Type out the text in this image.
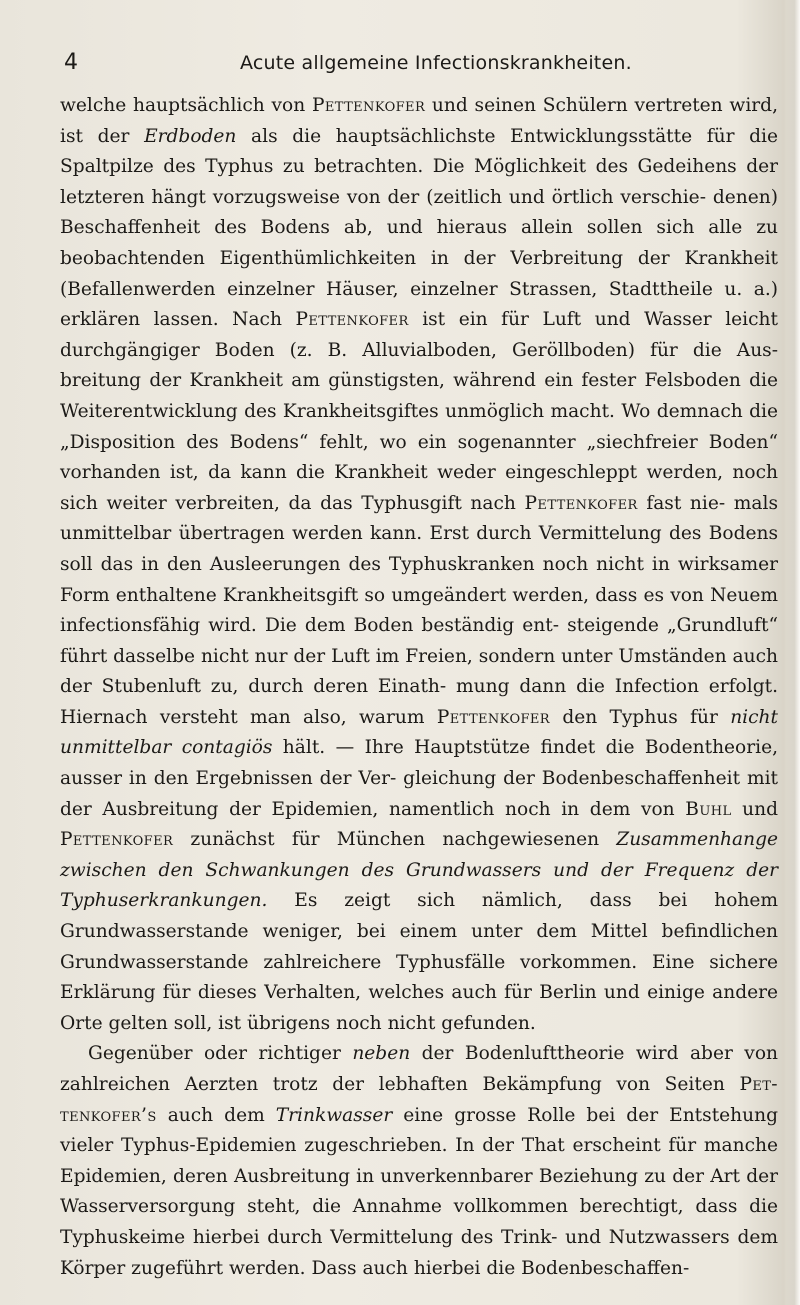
4	Acute allgemeine Infectionskrankheiten.

welche hauptsächlich von Pettenkofer und seinen Schülern vertreten wird, ist der Erdboden als die hauptsächlichste Entwicklungsstätte für die Spaltpilze des Typhus zu betrachten. Die Möglichkeit des Gedeihens der letzteren hängt vorzugsweise von der (zeitlich und örtlich verschie- denen) Beschaffenheit des Bodens ab, und hieraus allein sollen sich alle zu beobachtenden Eigenthümlichkeiten in der Verbreitung der Krankheit (Befallenwerden einzelner Häuser, einzelner Strassen, Stadttheile u. a.) erklären lassen. Nach Pettenkofer ist ein für Luft und Wasser leicht durchgängiger Boden (z. B. Alluvialboden, Geröllboden) für die Aus- breitung der Krankheit am günstigsten, während ein fester Felsboden die Weiterentwicklung des Krankheitsgiftes unmöglich macht. Wo demnach die „Disposition des Bodens“ fehlt, wo ein sogenannter „siechfreier Boden“ vorhanden ist, da kann die Krankheit weder eingeschleppt werden, noch sich weiter verbreiten, da das Typhusgift nach Pettenkofer fast nie- mals unmittelbar übertragen werden kann. Erst durch Vermittelung des Bodens soll das in den Ausleerungen des Typhuskranken noch nicht in wirksamer Form enthaltene Krankheitsgift so umgeändert werden, dass es von Neuem infectionsfähig wird. Die dem Boden beständig ent- steigende „Grundluft“ führt dasselbe nicht nur der Luft im Freien, sondern unter Umständen auch der Stubenluft zu, durch deren Einath- mung dann die Infection erfolgt. Hiernach versteht man also, warum Pettenkofer den Typhus für nicht unmittelbar contagiös hält. — Ihre Hauptstütze findet die Bodentheorie, ausser in den Ergebnissen der Ver- gleichung der Bodenbeschaffenheit mit der Ausbreitung der Epidemien, namentlich noch in dem von Buhl und Pettenkofer zunächst für München nachgewiesenen Zusammenhange zwischen den Schwankungen des Grundwassers und der Frequenz der Typhuserkrankungen. Es zeigt sich nämlich, dass bei hohem Grundwasserstande weniger, bei einem unter dem Mittel befindlichen Grundwasserstande zahlreichere Typhusfälle vorkommen. Eine sichere Erklärung für dieses Verhalten, welches auch für Berlin und einige andere Orte gelten soll, ist übrigens noch nicht gefunden.

Gegenüber oder richtiger neben der Bodenlufttheorie wird aber von zahlreichen Aerzten trotz der lebhaften Bekämpfung von Seiten Pet- tenkofer’s auch dem Trinkwasser eine grosse Rolle bei der Entstehung vieler Typhus-Epidemien zugeschrieben. In der That erscheint für manche Epidemien, deren Ausbreitung in unverkennbarer Beziehung zu der Art der Wasserversorgung steht, die Annahme vollkommen berechtigt, dass die Typhuskeime hierbei durch Vermittelung des Trink- und Nutzwassers dem Körper zugeführt werden. Dass auch hierbei die Bodenbeschaffen-
